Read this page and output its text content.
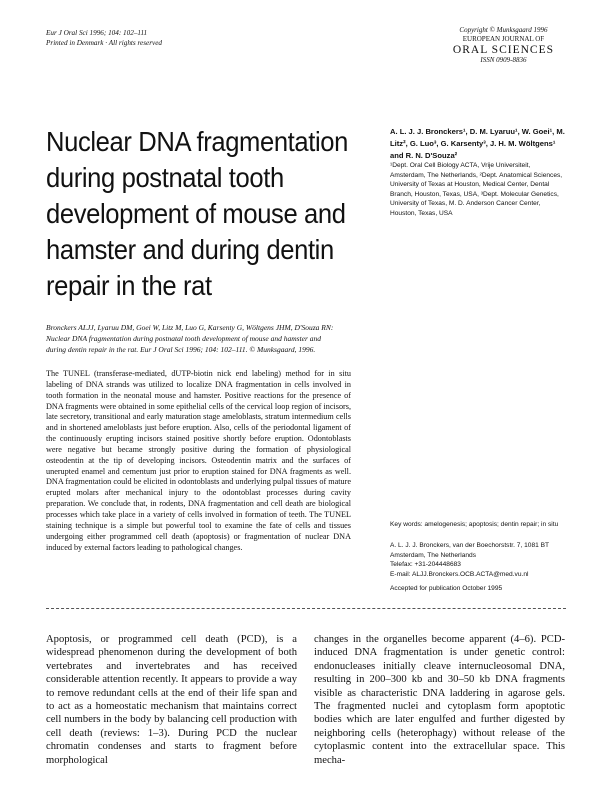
Eur J Oral Sci 1996; 104: 102–111
Printed in Denmark · All rights reserved
Copyright © Munksgaard 1996
EUROPEAN JOURNAL OF
ORAL SCIENCES
ISSN 0909-8836
Nuclear DNA fragmentation during postnatal tooth development of mouse and hamster and during dentin repair in the rat
A. L. J. J. Bronckers¹, D. M. Lyaruu¹, W. Goei¹, M. Litz², G. Luo³, G. Karsenty³, J. H. M. Wöltgens¹ and R. N. D'Souza²
¹Dept. Oral Cell Biology ACTA, Vrije Universiteit, Amsterdam, The Netherlands, ²Dept. Anatomical Sciences, University of Texas at Houston, Medical Center, Dental Branch, Houston, Texas, USA, ³Dept. Molecular Genetics, University of Texas, M. D. Anderson Cancer Center, Houston, Texas, USA
Bronckers ALJJ, Lyaruu DM, Goei W, Litz M, Luo G, Karsenty G, Wöltgens JHM, D'Souza RN: Nuclear DNA fragmentation during postnatal tooth development of mouse and hamster and during dentin repair in the rat. Eur J Oral Sci 1996; 104: 102–111. © Munksgaard, 1996.
The TUNEL (transferase-mediated, dUTP-biotin nick end labeling) method for in situ labeling of DNA strands was utilized to localize DNA fragmentation in cells involved in tooth formation in the neonatal mouse and hamster. Positive reactions for the presence of DNA fragments were obtained in some epithelial cells of the cervical loop region of incisors, late secretory, transitional and early maturation stage ameloblasts, stratum intermedium cells and in shortened ameloblasts just before eruption. Also, cells of the periodontal ligament of the continuously erupting incisors stained positive shortly before eruption. Odontoblasts were negative but became strongly positive during the formation of physiological osteodentin at the tip of developing incisors. Osteodentin matrix and the surfaces of unerupted enamel and cementum just prior to eruption stained for DNA fragments as well. DNA fragmentation could be elicited in odontoblasts and underlying pulpal tissues of mature erupted molars after mechanical injury to the odontoblast processes during cavity preparation. We conclude that, in rodents, DNA fragmentation and cell death are biological processes which take place in a variety of cells involved in formation of teeth. The TUNEL staining technique is a simple but powerful tool to examine the fate of cells and tissues undergoing either programmed cell death (apoptosis) or fragmentation of nuclear DNA induced by external factors leading to pathological changes.
Key words: amelogenesis; apoptosis; dentin repair; in situ
A. L. J. J. Bronckers, van der Boechorststr. 7, 1081 BT Amsterdam, The Netherlands
Telefax: +31-204448683
E-mail: ALJJ.Bronckers.OCB.ACTA@med.vu.nl
Accepted for publication October 1995

Apoptosis, or programmed cell death (PCD), is a widespread phenomenon during the development of both vertebrates and invertebrates and has received considerable attention recently. It appears to provide a way to remove redundant cells at the end of their life span and to act as a homeostatic mechanism that maintains correct cell numbers in the body by balancing cell production with cell death (reviews: 1–3). During PCD the nuclear chromatin condenses and starts to fragment before morphological

changes in the organelles become apparent (4–6). PCD-induced DNA fragmentation is under genetic control: endonucleases initially cleave internucleosomal DNA, resulting in 200–300 kb and 30–50 kb DNA fragments visible as characteristic DNA laddering in agarose gels. The fragmented nuclei and cytoplasm form apoptotic bodies which are later engulfed and further digested by neighboring cells (heterophagy) without release of the cytoplasmic content into the extracellular space. This mecha-
